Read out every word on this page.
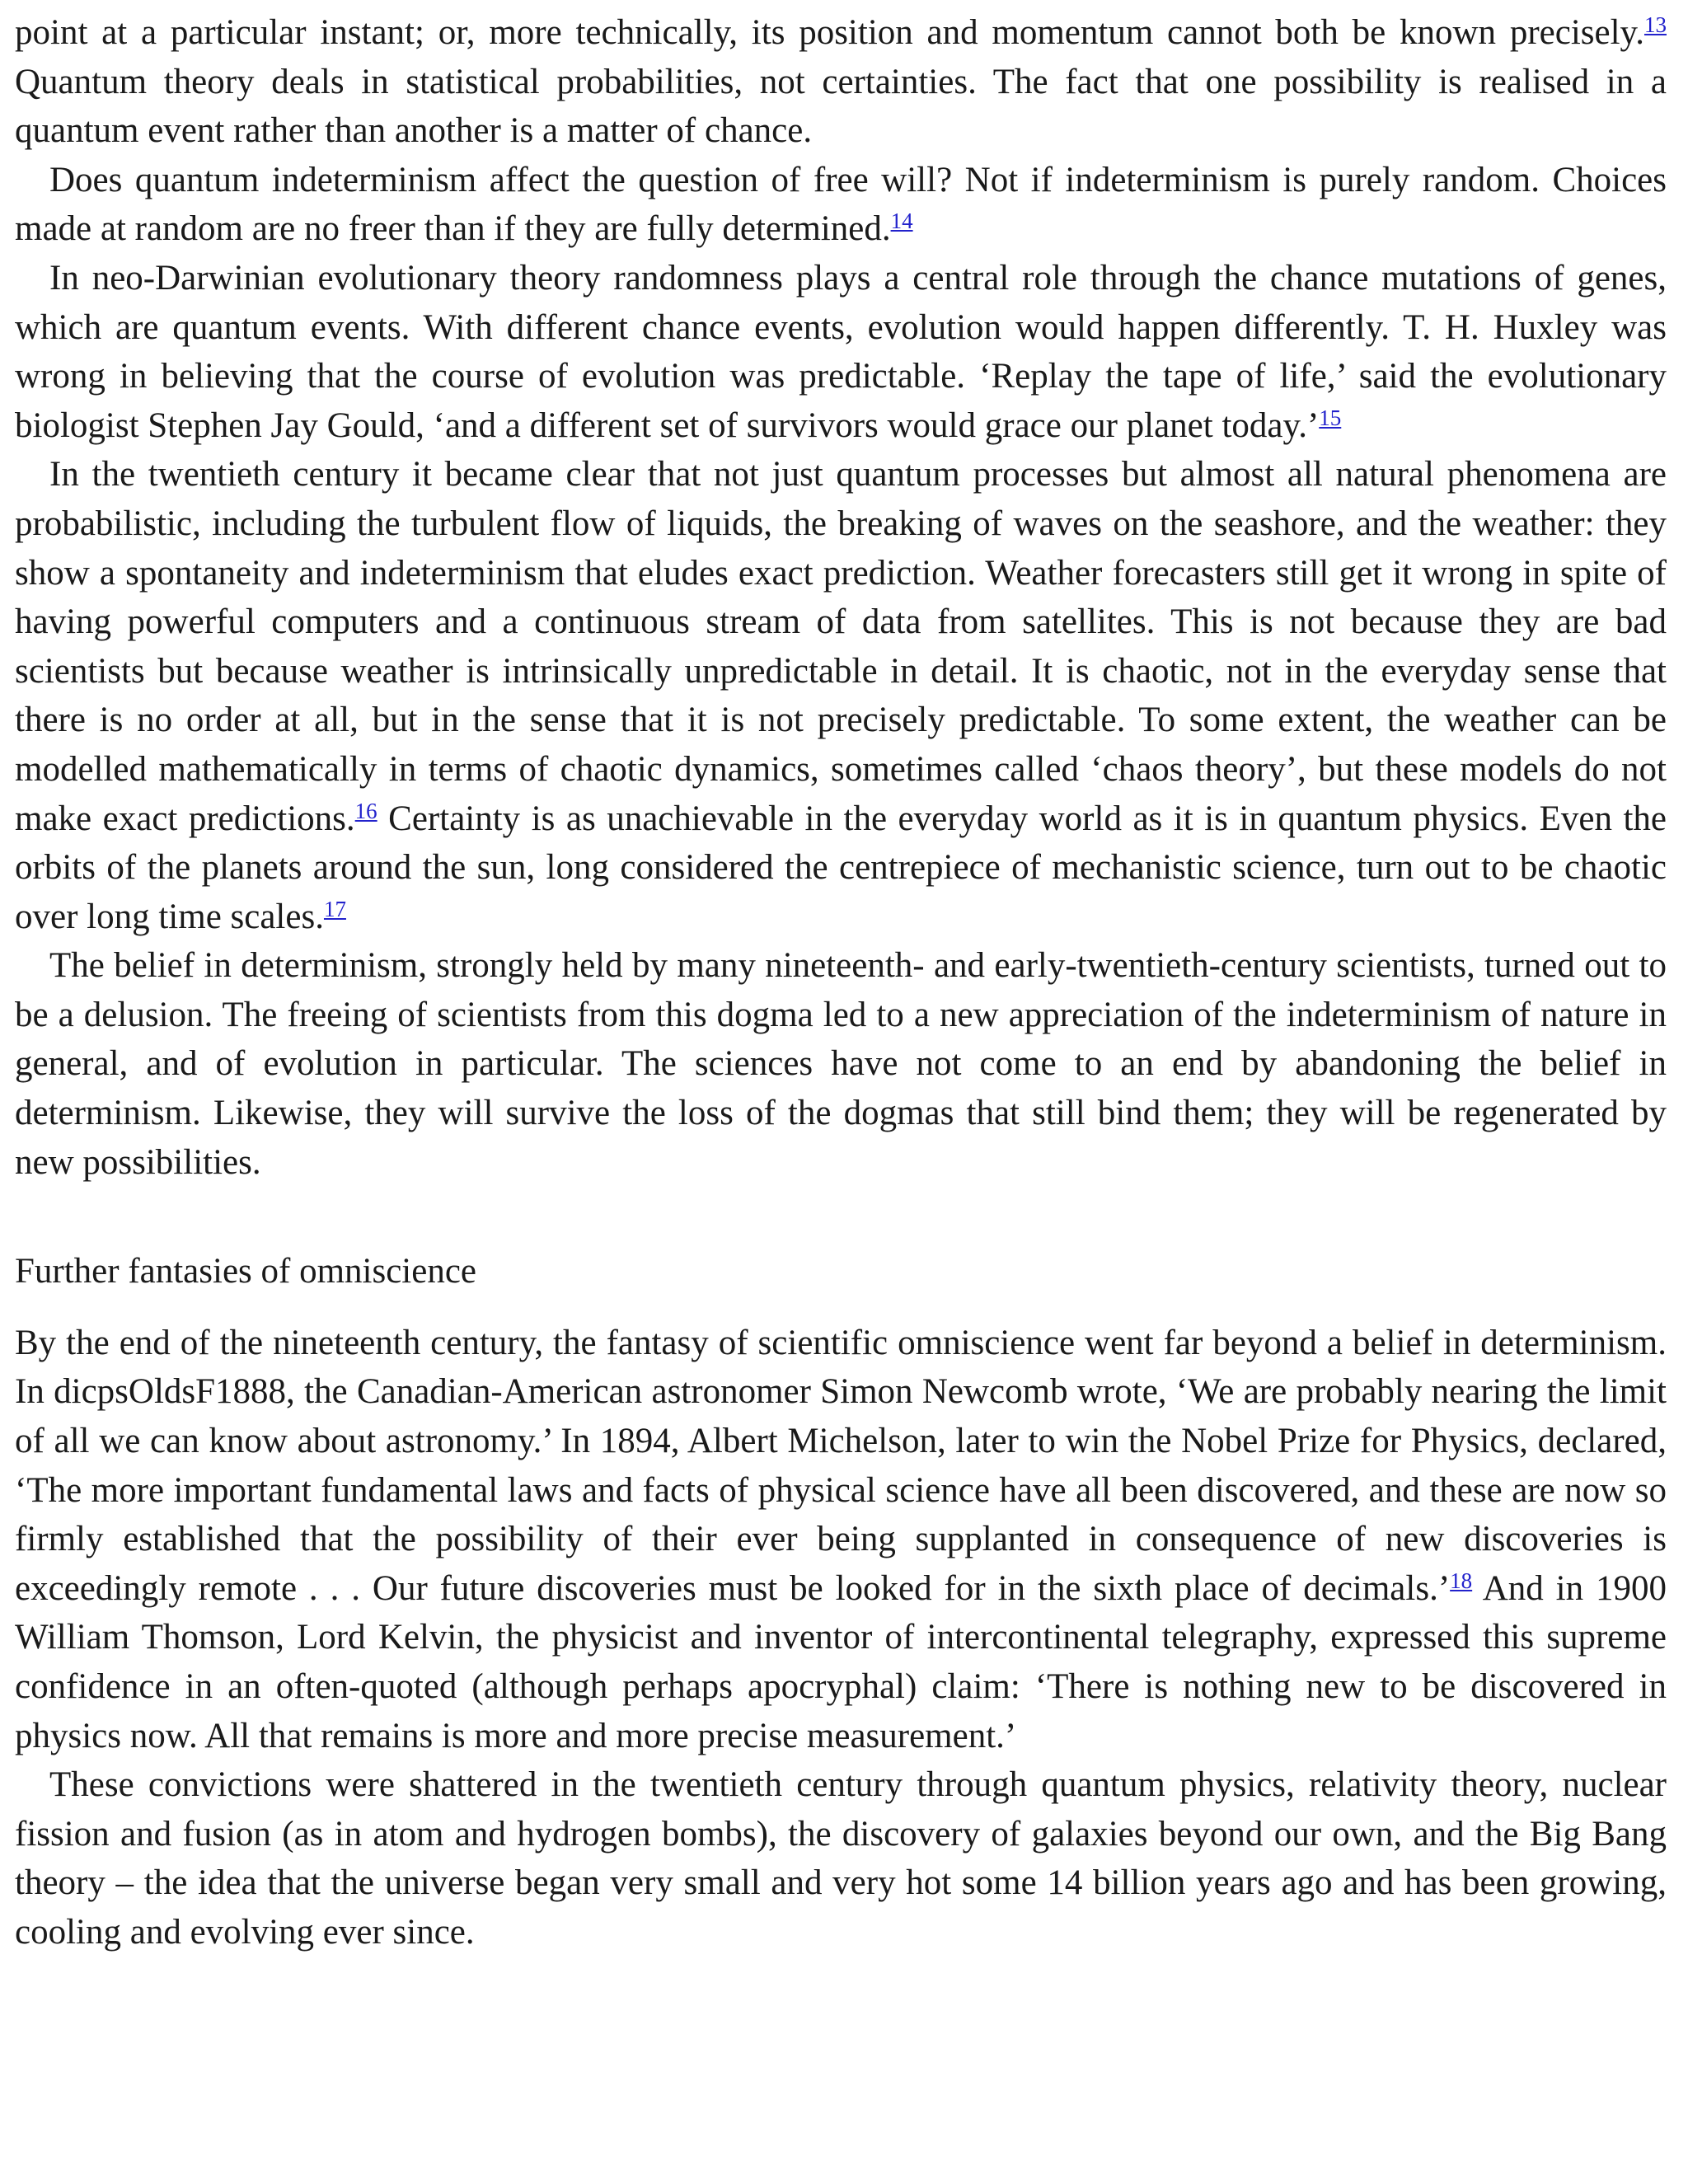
point at a particular instant; or, more technically, its position and momentum cannot both be known precisely.$^{13}$ Quantum theory deals in statistical probabilities, not certainties. The fact that one possibility is realised in a quantum event rather than another is a matter of chance.

Does quantum indeterminism affect the question of free will? Not if indeterminism is purely random. Choices made at random are no freer than if they are fully determined.$^{14}$

In neo-Darwinian evolutionary theory randomness plays a central role through the chance mutations of genes, which are quantum events. With different chance events, evolution would happen differently. T. H. Huxley was wrong in believing that the course of evolution was predictable. ‘Replay the tape of life,’ said the evolutionary biologist Stephen Jay Gould, ‘and a different set of survivors would grace our planet today.’$^{15}$

In the twentieth century it became clear that not just quantum processes but almost all natural phenomena are probabilistic, including the turbulent flow of liquids, the breaking of waves on the seashore, and the weather: they show a spontaneity and indeterminism that eludes exact prediction. Weather forecasters still get it wrong in spite of having powerful computers and a continuous stream of data from satellites. This is not because they are bad scientists but because weather is intrinsically unpredictable in detail. It is chaotic, not in the everyday sense that there is no order at all, but in the sense that it is not precisely predictable. To some extent, the weather can be modelled mathematically in terms of chaotic dynamics, sometimes called ‘chaos theory’, but these models do not make exact predictions.$^{16}$ Certainty is as unachievable in the everyday world as it is in quantum physics. Even the orbits of the planets around the sun, long considered the centrepiece of mechanistic science, turn out to be chaotic over long time scales.$^{17}$

The belief in determinism, strongly held by many nineteenth- and early-twentieth-century scientists, turned out to be a delusion. The freeing of scientists from this dogma led to a new appreciation of the indeterminism of nature in general, and of evolution in particular. The sciences have not come to an end by abandoning the belief in determinism. Likewise, they will survive the loss of the dogmas that still bind them; they will be regenerated by new possibilities.

Further fantasies of omniscience

By the end of the nineteenth century, the fantasy of scientific omniscience went far beyond a belief in determinism. In dicpsOldsF1888, the Canadian-American astronomer Simon Newcomb wrote, ‘We are probably nearing the limit of all we can know about astronomy.’ In 1894, Albert Michelson, later to win the Nobel Prize for Physics, declared, ‘The more important fundamental laws and facts of physical science have all been discovered, and these are now so firmly established that the possibility of their ever being supplanted in consequence of new discoveries is exceedingly remote . . . Our future discoveries must be looked for in the sixth place of decimals.’$^{18}$ And in 1900 William Thomson, Lord Kelvin, the physicist and inventor of intercontinental telegraphy, expressed this supreme confidence in an often-quoted (although perhaps apocryphal) claim: ‘There is nothing new to be discovered in physics now. All that remains is more and more precise measurement.’

These convictions were shattered in the twentieth century through quantum physics, relativity theory, nuclear fission and fusion (as in atom and hydrogen bombs), the discovery of galaxies beyond our own, and the Big Bang theory – the idea that the universe began very small and very hot some 14 billion years ago and has been growing, cooling and evolving ever since.
